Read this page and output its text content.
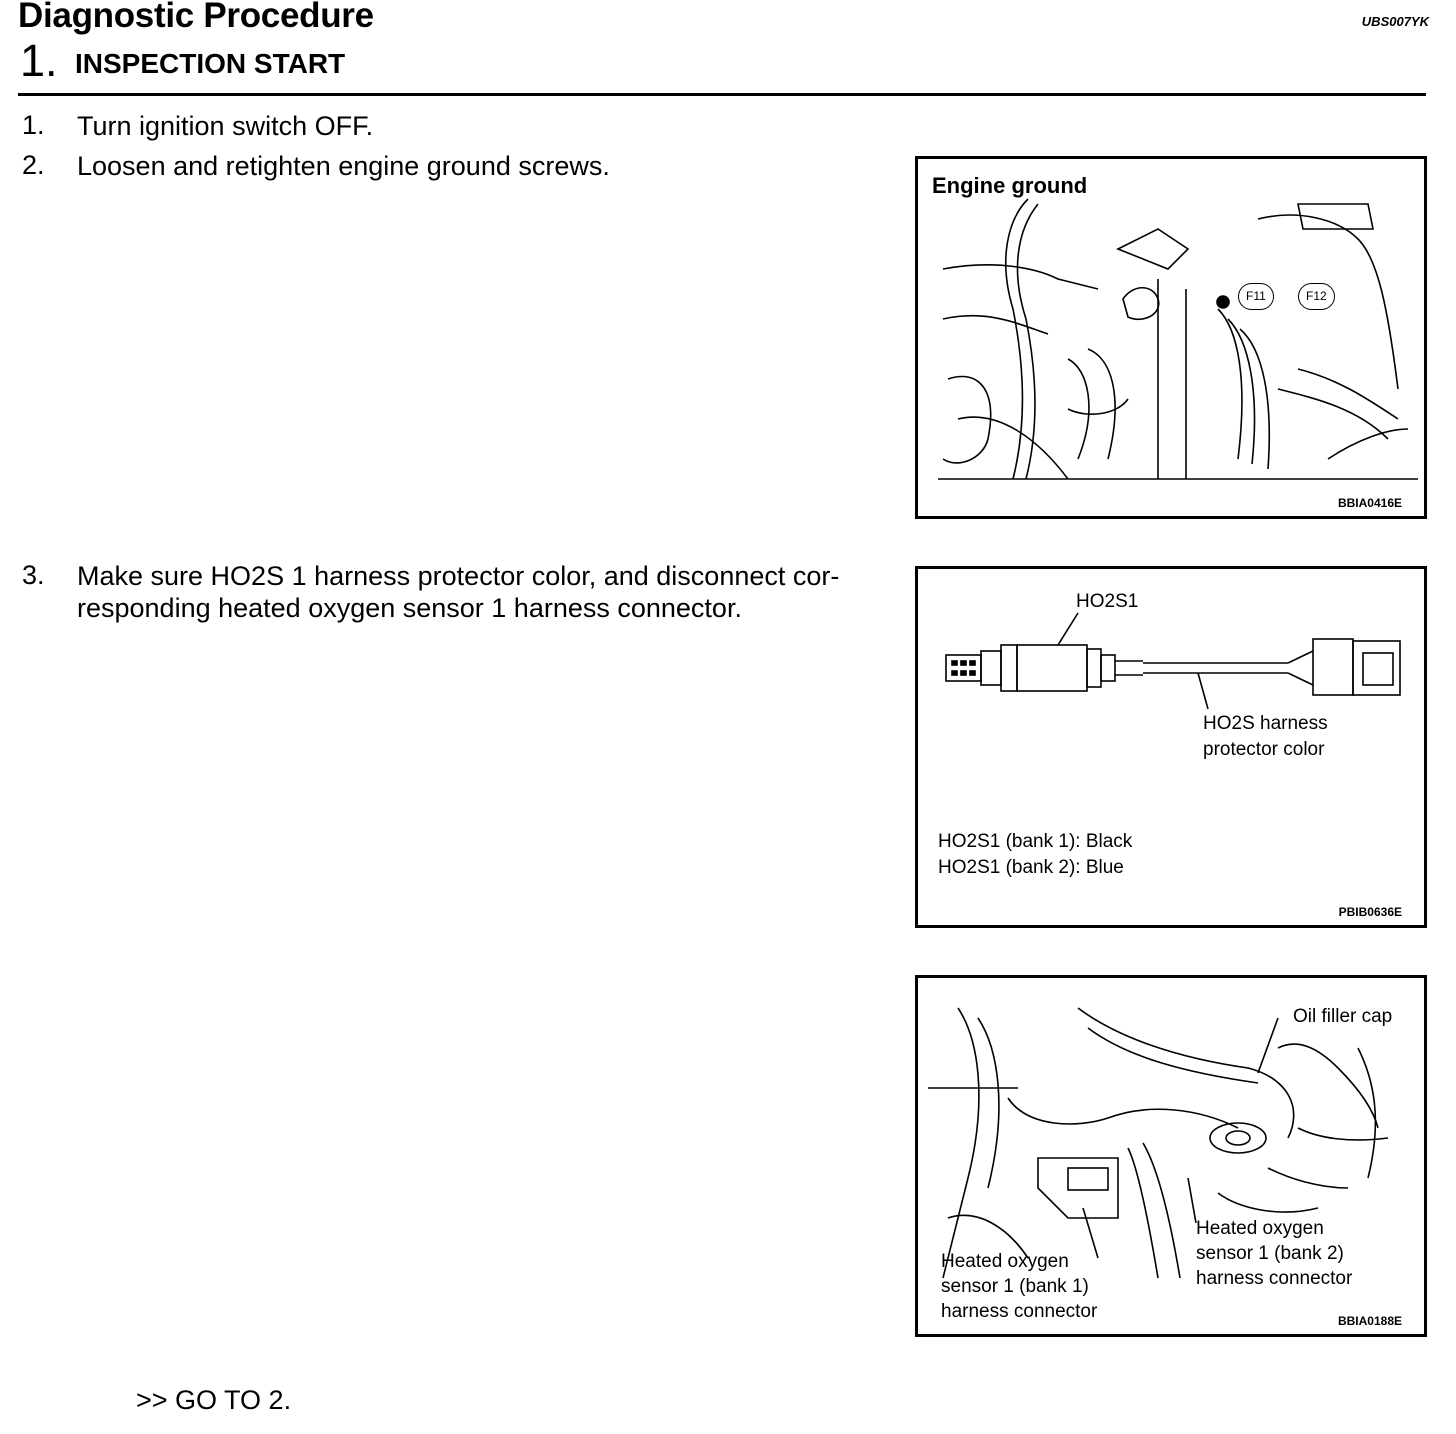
Diagnostic Procedure	UBS007YK
1. INSPECTION START
1. Turn ignition switch OFF.
2. Loosen and retighten engine ground screws.
3. Make sure HO2S 1 harness protector color, and disconnect cor-
responding heated oxygen sensor 1 harness connector.
Engine ground
F11	F12
BBIA0416E
HO2S1
HO2S harness
protector color
HO2S1 (bank 1): Black
HO2S1 (bank 2): Blue
PBIB0636E
Oil filler cap
Heated oxygen
sensor 1 (bank 2)
harness connector
Heated oxygen
sensor 1 (bank 1)
harness connector	BBIA0188E
>> GO TO 2.
